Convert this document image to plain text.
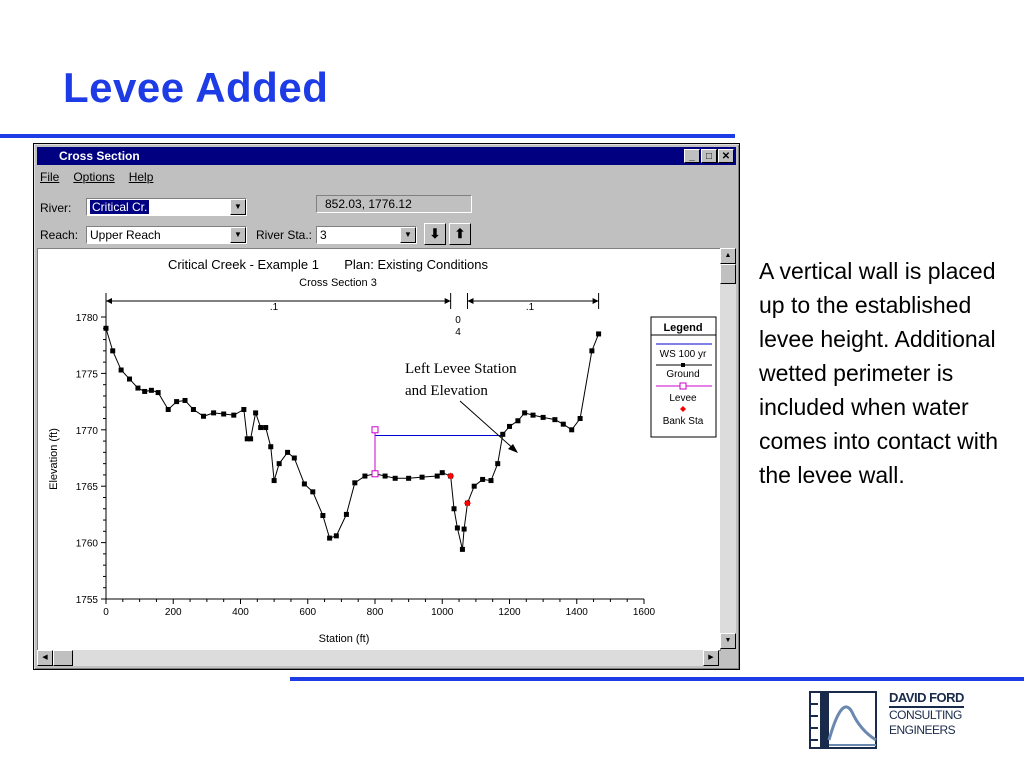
Levee Added
Cross Section	_	□ ✕
File Options Help
River:	Critical Cr.	▼	852.03, 1776.12
Reach: Upper Reach	▼	River Sta.: 3	▼	⬇	⬆
Critical Creek - Example 1       Plan: Existing Conditions
Cross Section 3
Station (ft)
Elevation (ft)
.1	.1
0
4
Left Levee Station
and Elevation
1755
1760
1765
1770
1775
1780
0	200	400	600	800	1000	1200	1400	1600
Legend
WS 100 yr
Ground
Levee
Bank Sta
▲
▼
◀	▶
A vertical wall is placed up to the established levee height. Additional wetted perimeter is included when water comes into contact with the levee wall.
DAVID FORD
CONSULTING
ENGINEERS
